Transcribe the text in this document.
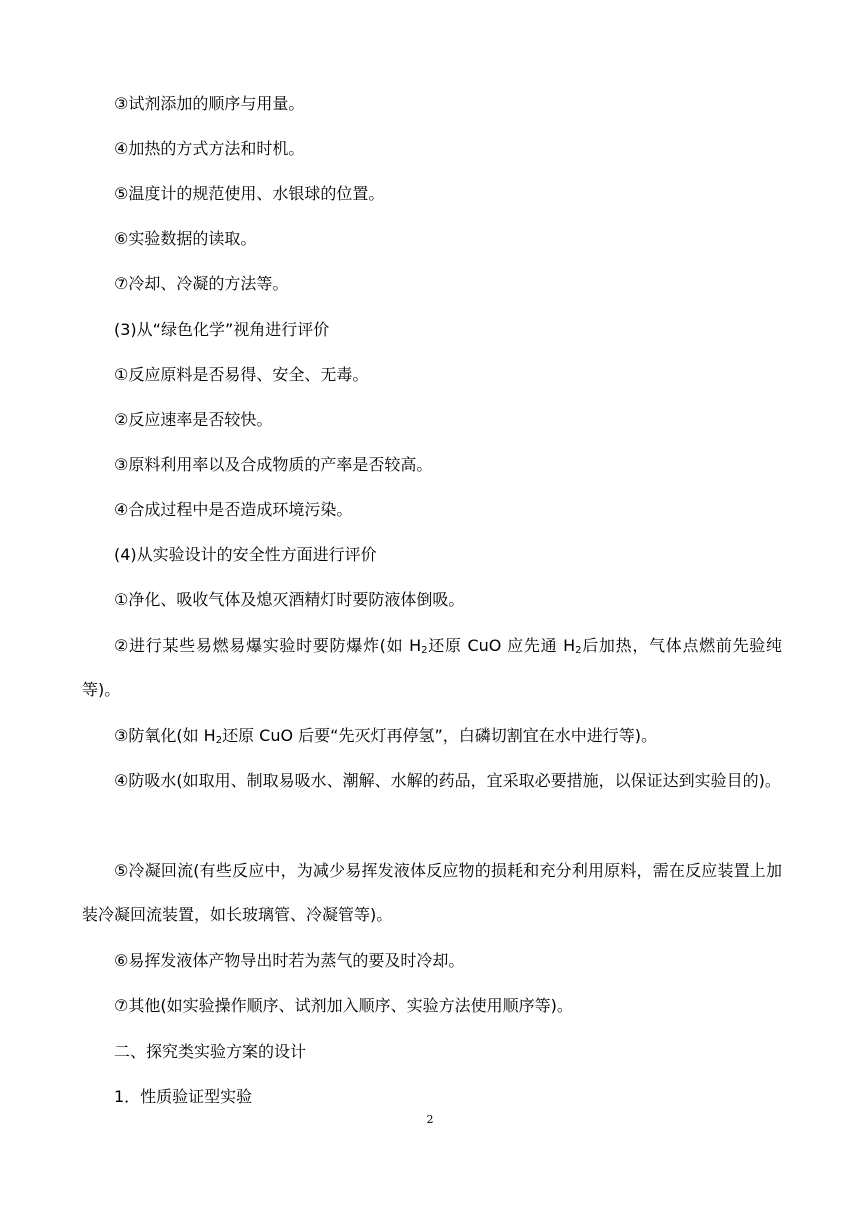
③试剂添加的顺序与用量。
④加热的方式方法和时机。
⑤温度计的规范使用、水银球的位置。
⑥实验数据的读取。
⑦冷却、冷凝的方法等。
(3)从“绿色化学”视角进行评价
①反应原料是否易得、安全、无毒。
②反应速率是否较快。
③原料利用率以及合成物质的产率是否较高。
④合成过程中是否造成环境污染。
(4)从实验设计的安全性方面进行评价
①净化、吸收气体及熄灭酒精灯时要防液体倒吸。
②进行某些易燃易爆实验时要防爆炸(如 $H_2$还原 CuO 应先通 $H_2$后加热，气体点燃前先验纯等)。
③防氧化(如 $H_2$还原 CuO 后要“先灭灯再停氢”，白磷切割宜在水中进行等)。
④防吸水(如取用、制取易吸水、潮解、水解的药品，宜采取必要措施，以保证达到实验目的)。
⑤冷凝回流(有些反应中，为减少易挥发液体反应物的损耗和充分利用原料，需在反应装置上加装冷凝回流装置，如长玻璃管、冷凝管等)。
⑥易挥发液体产物导出时若为蒸气的要及时冷却。
⑦其他(如实验操作顺序、试剂加入顺序、实验方法使用顺序等)。
二、探究类实验方案的设计
1．性质验证型实验
2
